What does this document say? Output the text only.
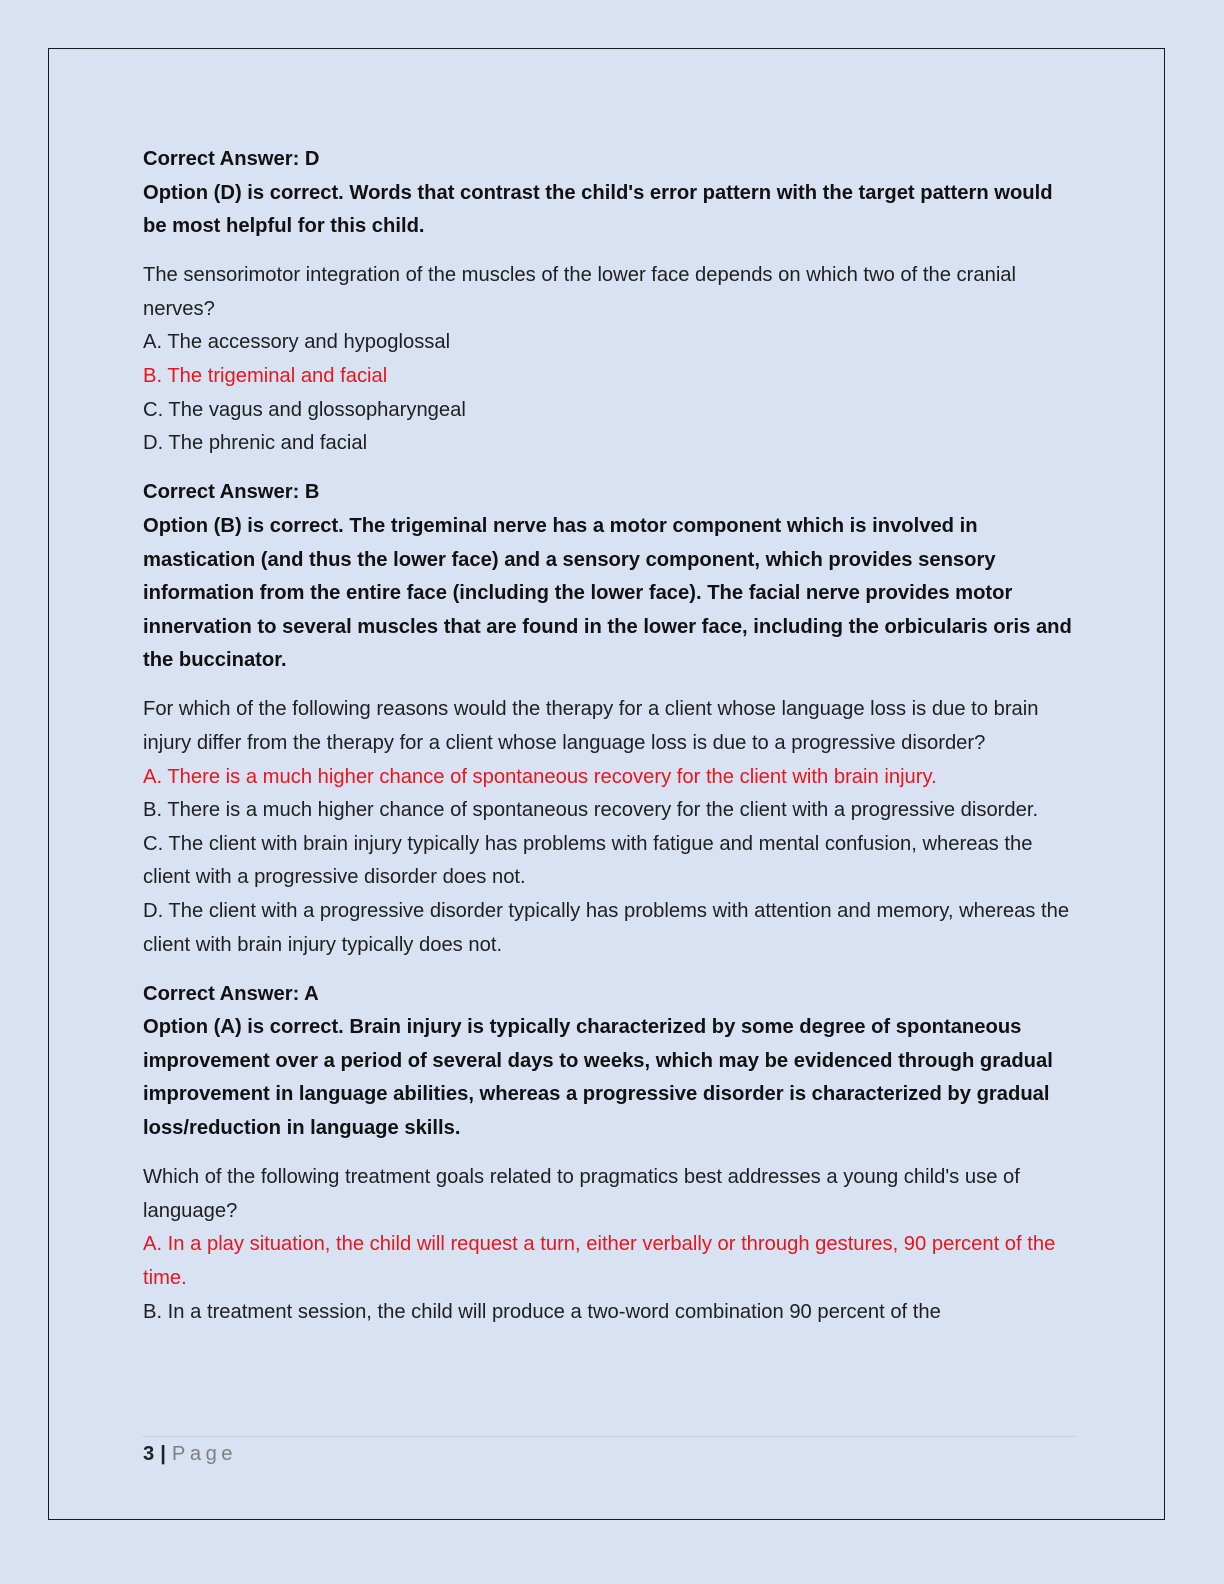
Correct Answer: D
Option (D) is correct. Words that contrast the child's error pattern with the target pattern would be most helpful for this child.
The sensorimotor integration of the muscles of the lower face depends on which two of the cranial nerves?
A. The accessory and hypoglossal
B. The trigeminal and facial
C. The vagus and glossopharyngeal
D. The phrenic and facial
Correct Answer: B
Option (B) is correct. The trigeminal nerve has a motor component which is involved in mastication (and thus the lower face) and a sensory component, which provides sensory information from the entire face (including the lower face). The facial nerve provides motor innervation to several muscles that are found in the lower face, including the orbicularis oris and the buccinator.
For which of the following reasons would the therapy for a client whose language loss is due to brain injury differ from the therapy for a client whose language loss is due to a progressive disorder?
A. There is a much higher chance of spontaneous recovery for the client with brain injury.
B. There is a much higher chance of spontaneous recovery for the client with a progressive disorder.
C. The client with brain injury typically has problems with fatigue and mental confusion, whereas the client with a progressive disorder does not.
D. The client with a progressive disorder typically has problems with attention and memory, whereas the client with brain injury typically does not.
Correct Answer: A
Option (A) is correct. Brain injury is typically characterized by some degree of spontaneous improvement over a period of several days to weeks, which may be evidenced through gradual improvement in language abilities, whereas a progressive disorder is characterized by gradual loss/reduction in language skills.
Which of the following treatment goals related to pragmatics best addresses a young child's use of language?
A. In a play situation, the child will request a turn, either verbally or through gestures, 90 percent of the time.
B. In a treatment session, the child will produce a two-word combination 90 percent of the
3 | Page
